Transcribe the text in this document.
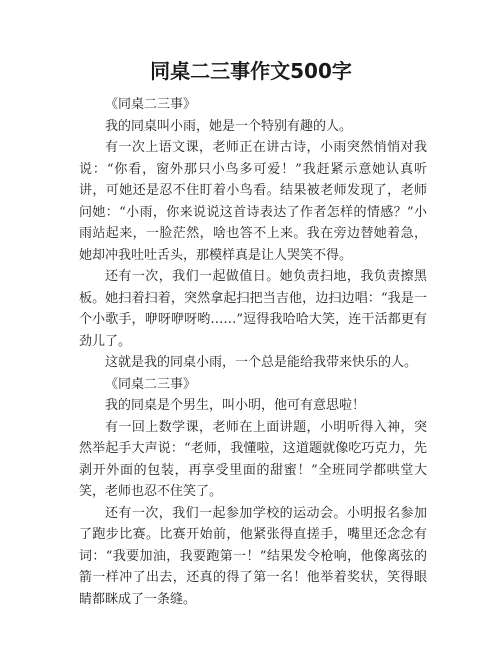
同桌二三事作文500字

《同桌二三事》

我的同桌叫小雨，她是一个特别有趣的人。

有一次上语文课，老师正在讲古诗，小雨突然悄悄对我说：“你看，窗外那只小鸟多可爱！”我赶紧示意她认真听讲，可她还是忍不住盯着小鸟看。结果被老师发现了，老师问她：“小雨，你来说说这首诗表达了作者怎样的情感？”小雨站起来，一脸茫然，啥也答不上来。我在旁边替她着急，她却冲我吐吐舌头，那模样真是让人哭笑不得。

还有一次，我们一起做值日。她负责扫地，我负责擦黑板。她扫着扫着，突然拿起扫把当吉他，边扫边唱：“我是一个小歌手，咿呀咿呀哟……”逗得我哈哈大笑，连干活都更有劲儿了。

这就是我的同桌小雨，一个总是能给我带来快乐的人。

《同桌二三事》

我的同桌是个男生，叫小明，他可有意思啦！

有一回上数学课，老师在上面讲题，小明听得入神，突然举起手大声说：“老师，我懂啦，这道题就像吃巧克力，先剥开外面的包装，再享受里面的甜蜜！”全班同学都哄堂大笑，老师也忍不住笑了。

还有一次，我们一起参加学校的运动会。小明报名参加了跑步比赛。比赛开始前，他紧张得直搓手，嘴里还念念有词：“我要加油，我要跑第一！”结果发令枪响，他像离弦的箭一样冲了出去，还真的得了第一名！他举着奖状，笑得眼睛都眯成了一条缝。
